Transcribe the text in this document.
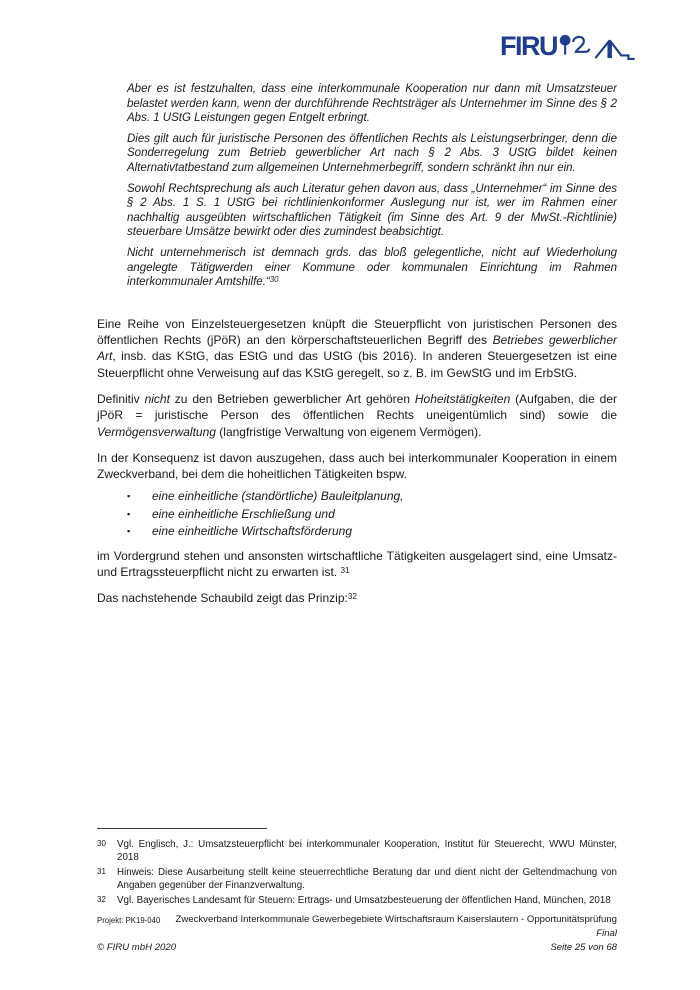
FIRU

Aber es ist festzuhalten, dass eine interkommunale Kooperation nur dann mit Umsatzsteuer belastet werden kann, wenn der durchführende Rechtsträger als Unternehmer im Sinne des § 2 Abs. 1 UStG Leistungen gegen Entgelt erbringt.

Dies gilt auch für juristische Personen des öffentlichen Rechts als Leistungserbringer, denn die Sonderregelung zum Betrieb gewerblicher Art nach § 2 Abs. 3 UStG bildet keinen Alternativtatbestand zum allgemeinen Unternehmerbegriff, sondern schränkt ihn nur ein.

Sowohl Rechtsprechung als auch Literatur gehen davon aus, dass „Unternehmer“ im Sinne des § 2 Abs. 1 S. 1 UStG bei richtlinienkonformer Auslegung nur ist, wer im Rahmen einer nachhaltig ausgeübten wirtschaftlichen Tätigkeit (im Sinne des Art. 9 der MwSt.-Richtlinie) steuerbare Umsätze bewirkt oder dies zumindest beabsichtigt.

Nicht unternehmerisch ist demnach grds. das bloß gelegentliche, nicht auf Wiederholung angelegte Tätigwerden einer Kommune oder kommunalen Einrichtung im Rahmen interkommunaler Amtshilfe.“$^{30}$

Eine Reihe von Einzelsteuergesetzen knüpft die Steuerpflicht von juristischen Personen des öffentlichen Rechts (jPöR) an den körperschaftsteuerlichen Begriff des Betriebes gewerblicher Art, insb. das KStG, das EStG und das UStG (bis 2016). In anderen Steuergesetzen ist eine Steuerpflicht ohne Verweisung auf das KStG geregelt, so z. B. im GewStG und im ErbStG.

Definitiv nicht zu den Betrieben gewerblicher Art gehören Hoheitstätigkeiten (Aufgaben, die der jPöR = juristische Person des öffentlichen Rechts uneigentümlich sind) sowie die Vermögensverwaltung (langfristige Verwaltung von eigenem Vermögen).

In der Konsequenz ist davon auszugehen, dass auch bei interkommunaler Kooperation in einem Zweckverband, bei dem die hoheitlichen Tätigkeiten bspw.

▪ eine einheitliche (standörtliche) Bauleitplanung,
▪ eine einheitliche Erschließung und
▪ eine einheitliche Wirtschaftsförderung

im Vordergrund stehen und ansonsten wirtschaftliche Tätigkeiten ausgelagert sind, eine Umsatz- und Ertragssteuerpflicht nicht zu erwarten ist. $^{31}$

Das nachstehende Schaubild zeigt das Prinzip:$^{32}$

30	Vgl. Englisch, J.: Umsatzsteuerpflicht bei interkommunaler Kooperation, Institut für Steuerecht, WWU Münster, 2018
31	Hinweis: Diese Ausarbeitung stellt keine steuerrechtliche Beratung dar und dient nicht der Geltendmachung von Angaben gegenüber der Finanzverwaltung.
32	Vgl. Bayerisches Landesamt für Steuern: Ertrags- und Umsatzbesteuerung der öffentlichen Hand, München, 2018
Projekt: PK19-040 Zweckverband Interkommunale Gewerbegebiete Wirtschaftsraum Kaiserslautern - Opportunitätsprüfung
Final
© FIRU mbH 2020	Seite 25 von 68
